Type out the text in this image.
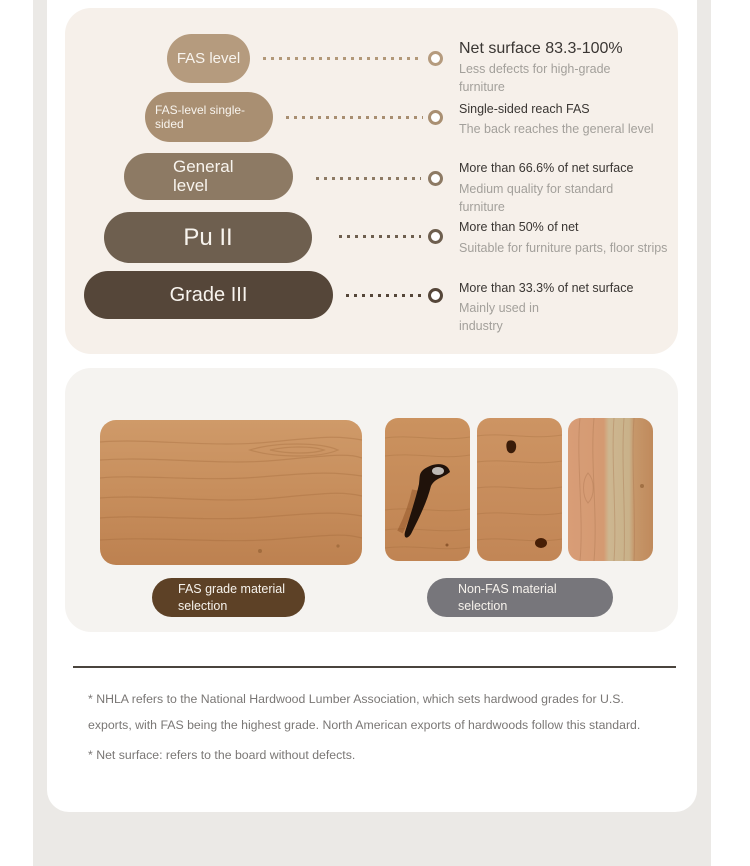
FAS level
Net surface 83.3-100%
Less defects for high-grade furniture
FAS-level single-sided
Single-sided reach FAS
The back reaches the general level
General level
More than 66.6% of net surface
Medium quality for standard furniture
Pu II	More than 50% of net
Suitable for furniture parts, floor strips
Grade III	More than 33.3% of net surface
Mainly used in industry
FAS grade material selection
Non-FAS material selection
* NHLA refers to the National Hardwood Lumber Association, which sets hardwood grades for U.S. exports, with FAS being the highest grade. North American exports of hardwoods follow this standard.
* Net surface: refers to the board without defects.
